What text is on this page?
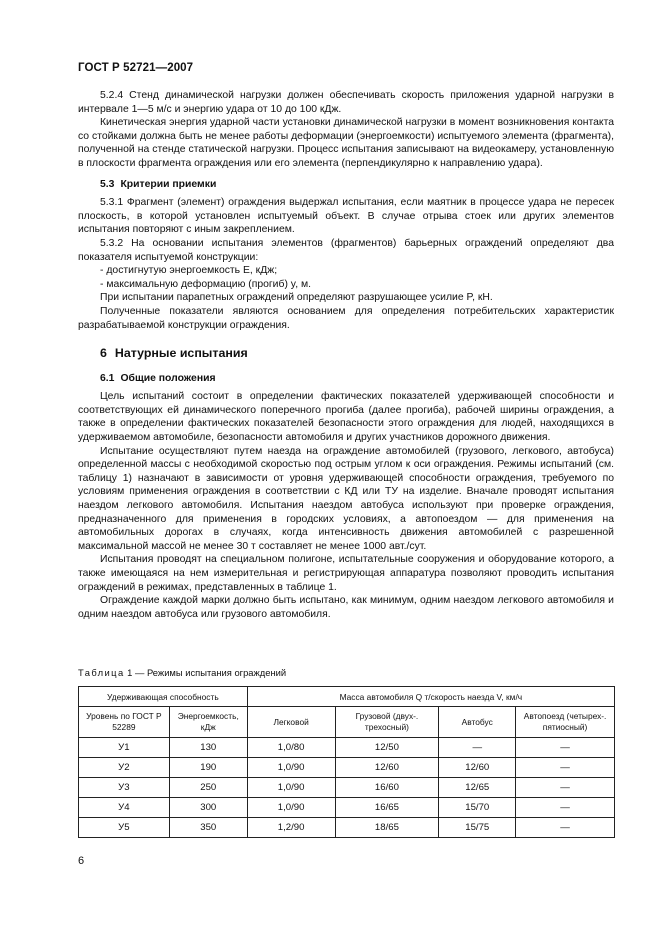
ГОСТ Р 52721—2007

5.2.4 Стенд динамической нагрузки должен обеспечивать скорость приложения ударной нагрузки в интервале 1—5 м/с и энергию удара от 10 до 100 кДж.

Кинетическая энергия ударной части установки динамической нагрузки в момент возникновения контакта со стойками должна быть не менее работы деформации (энергоемкости) испытуемого элемента (фрагмента), полученной на стенде статической нагрузки. Процесс испытания записывают на видеокамеру, установленную в плоскости фрагмента ограждения или его элемента (перпендикулярно к направлению удара).

5.3 Критерии приемки

5.3.1 Фрагмент (элемент) ограждения выдержал испытания, если маятник в процессе удара не пересек плоскость, в которой установлен испытуемый объект. В случае отрыва стоек или других элементов испытания повторяют с иным закреплением.

5.3.2 На основании испытания элементов (фрагментов) барьерных ограждений определяют два показателя испытуемой конструкции:

- достигнутую энергоемкость E, кДж;

- максимальную деформацию (прогиб) y, м.

При испытании парапетных ограждений определяют разрушающее усилие P, кН.

Полученные показатели являются основанием для определения потребительских характеристик разрабатываемой конструкции ограждения.

6 Натурные испытания
6.1 Общие положения

Цель испытаний состоит в определении фактических показателей удерживающей способности и соответствующих ей динамического поперечного прогиба (далее прогиба), рабочей ширины ограждения, а также в определении фактических показателей безопасности этого ограждения для людей, находящихся в удерживаемом автомобиле, безопасности автомобиля и других участников дорожного движения.

Испытание осуществляют путем наезда на ограждение автомобилей (грузового, легкового, автобуса) определенной массы с необходимой скоростью под острым углом к оси ограждения. Режимы испытаний (см. таблицу 1) назначают в зависимости от уровня удерживающей способности ограждения, требуемого по условиям применения ограждения в соответствии с КД или ТУ на изделие. Вначале проводят испытания наездом легкового автомобиля. Испытания наездом автобуса используют при проверке ограждения, предназначенного для применения в городских условиях, а автопоездом — для применения на автомобильных дорогах в случаях, когда интенсивность движения автомобилей с разрешенной максимальной массой не менее 30 т составляет не менее 1000 авт./сут.

Испытания проводят на специальном полигоне, испытательные сооружения и оборудование которого, а также имеющаяся на нем измерительная и регистрирующая аппаратура позволяют проводить испытания ограждений в режимах, представленных в таблице 1.

Ограждение каждой марки должно быть испытано, как минимум, одним наездом легкового автомобиля и одним наездом автобуса или грузового автомобиля.

Таблица 1 — Режимы испытания ограждений
Удерживающая способность		Масса автомобиля Q т/скорость наезда V, км/ч			
Уровень по ГОСТ Р 52289	Энергоемкость, кДж	Легковой	Грузовой (двух-. трехосный)	Автобус	Автопоезд (четырех-. пятиосный)
У1	130	1,0/80	12/50	—	—
У2	190	1,0/90	12/60	12/60	—
У3	250	1,0/90	16/60	12/65	—
У4	300	1,0/90	16/65	15/70	—
У5	350	1,2/90	18/65	15/75	—
6
